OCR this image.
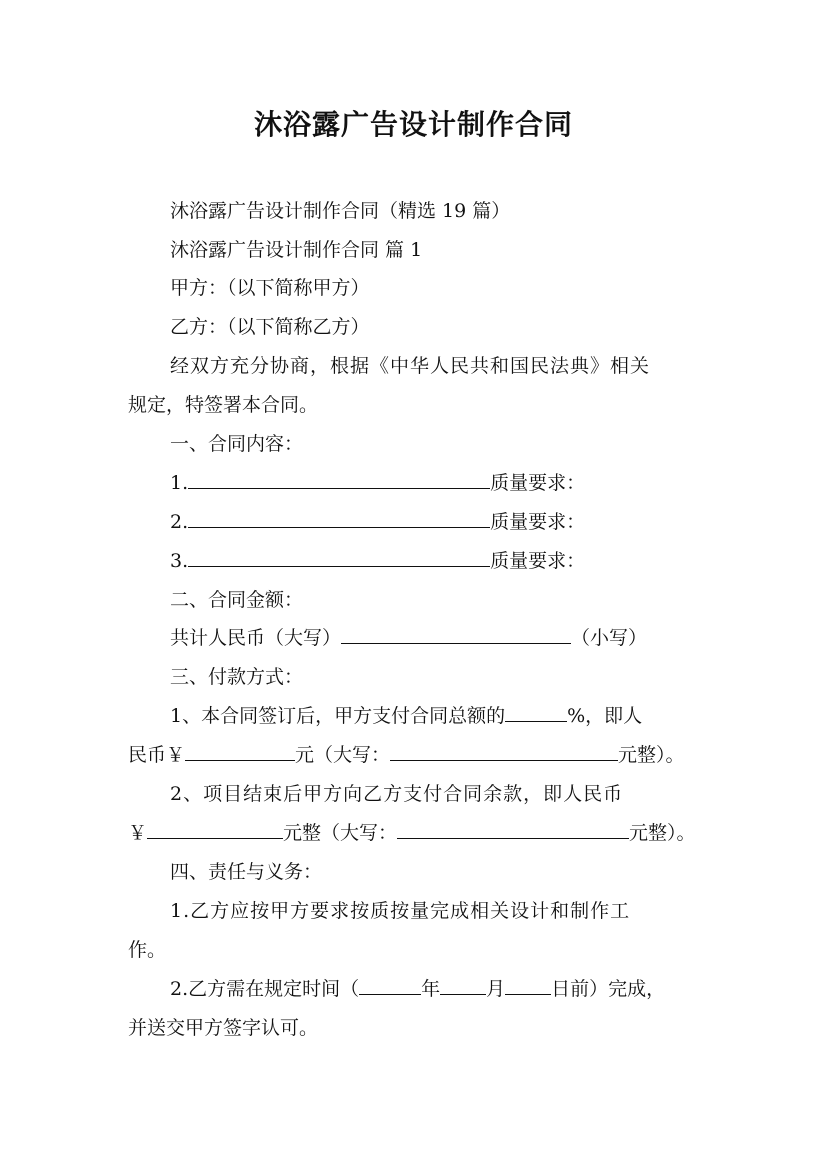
沐浴露广告设计制作合同
沐浴露广告设计制作合同（精选 19 篇）
沐浴露广告设计制作合同 篇 1
甲方：（以下简称甲方）
乙方：（以下简称乙方）
经双方充分协商，根据《中华人民共和国民法典》相关
规定，特签署本合同。
一、合同内容：
1.	质量要求：
2.	质量要求：
3.	质量要求：
二、合同金额：
共计人民币（大写）	（小写）
三、付款方式：
1、本合同签订后，甲方支付合同总额的	%，即人
民币￥	元（大写：	元整）。
2、项目结束后甲方向乙方支付合同余款，即人民币
￥	元整（大写：	元整）。
四、责任与义务：
1.乙方应按甲方要求按质按量完成相关设计和制作工
作。
2.乙方需在规定时间（	年 月 日前）完成，
并送交甲方签字认可。
